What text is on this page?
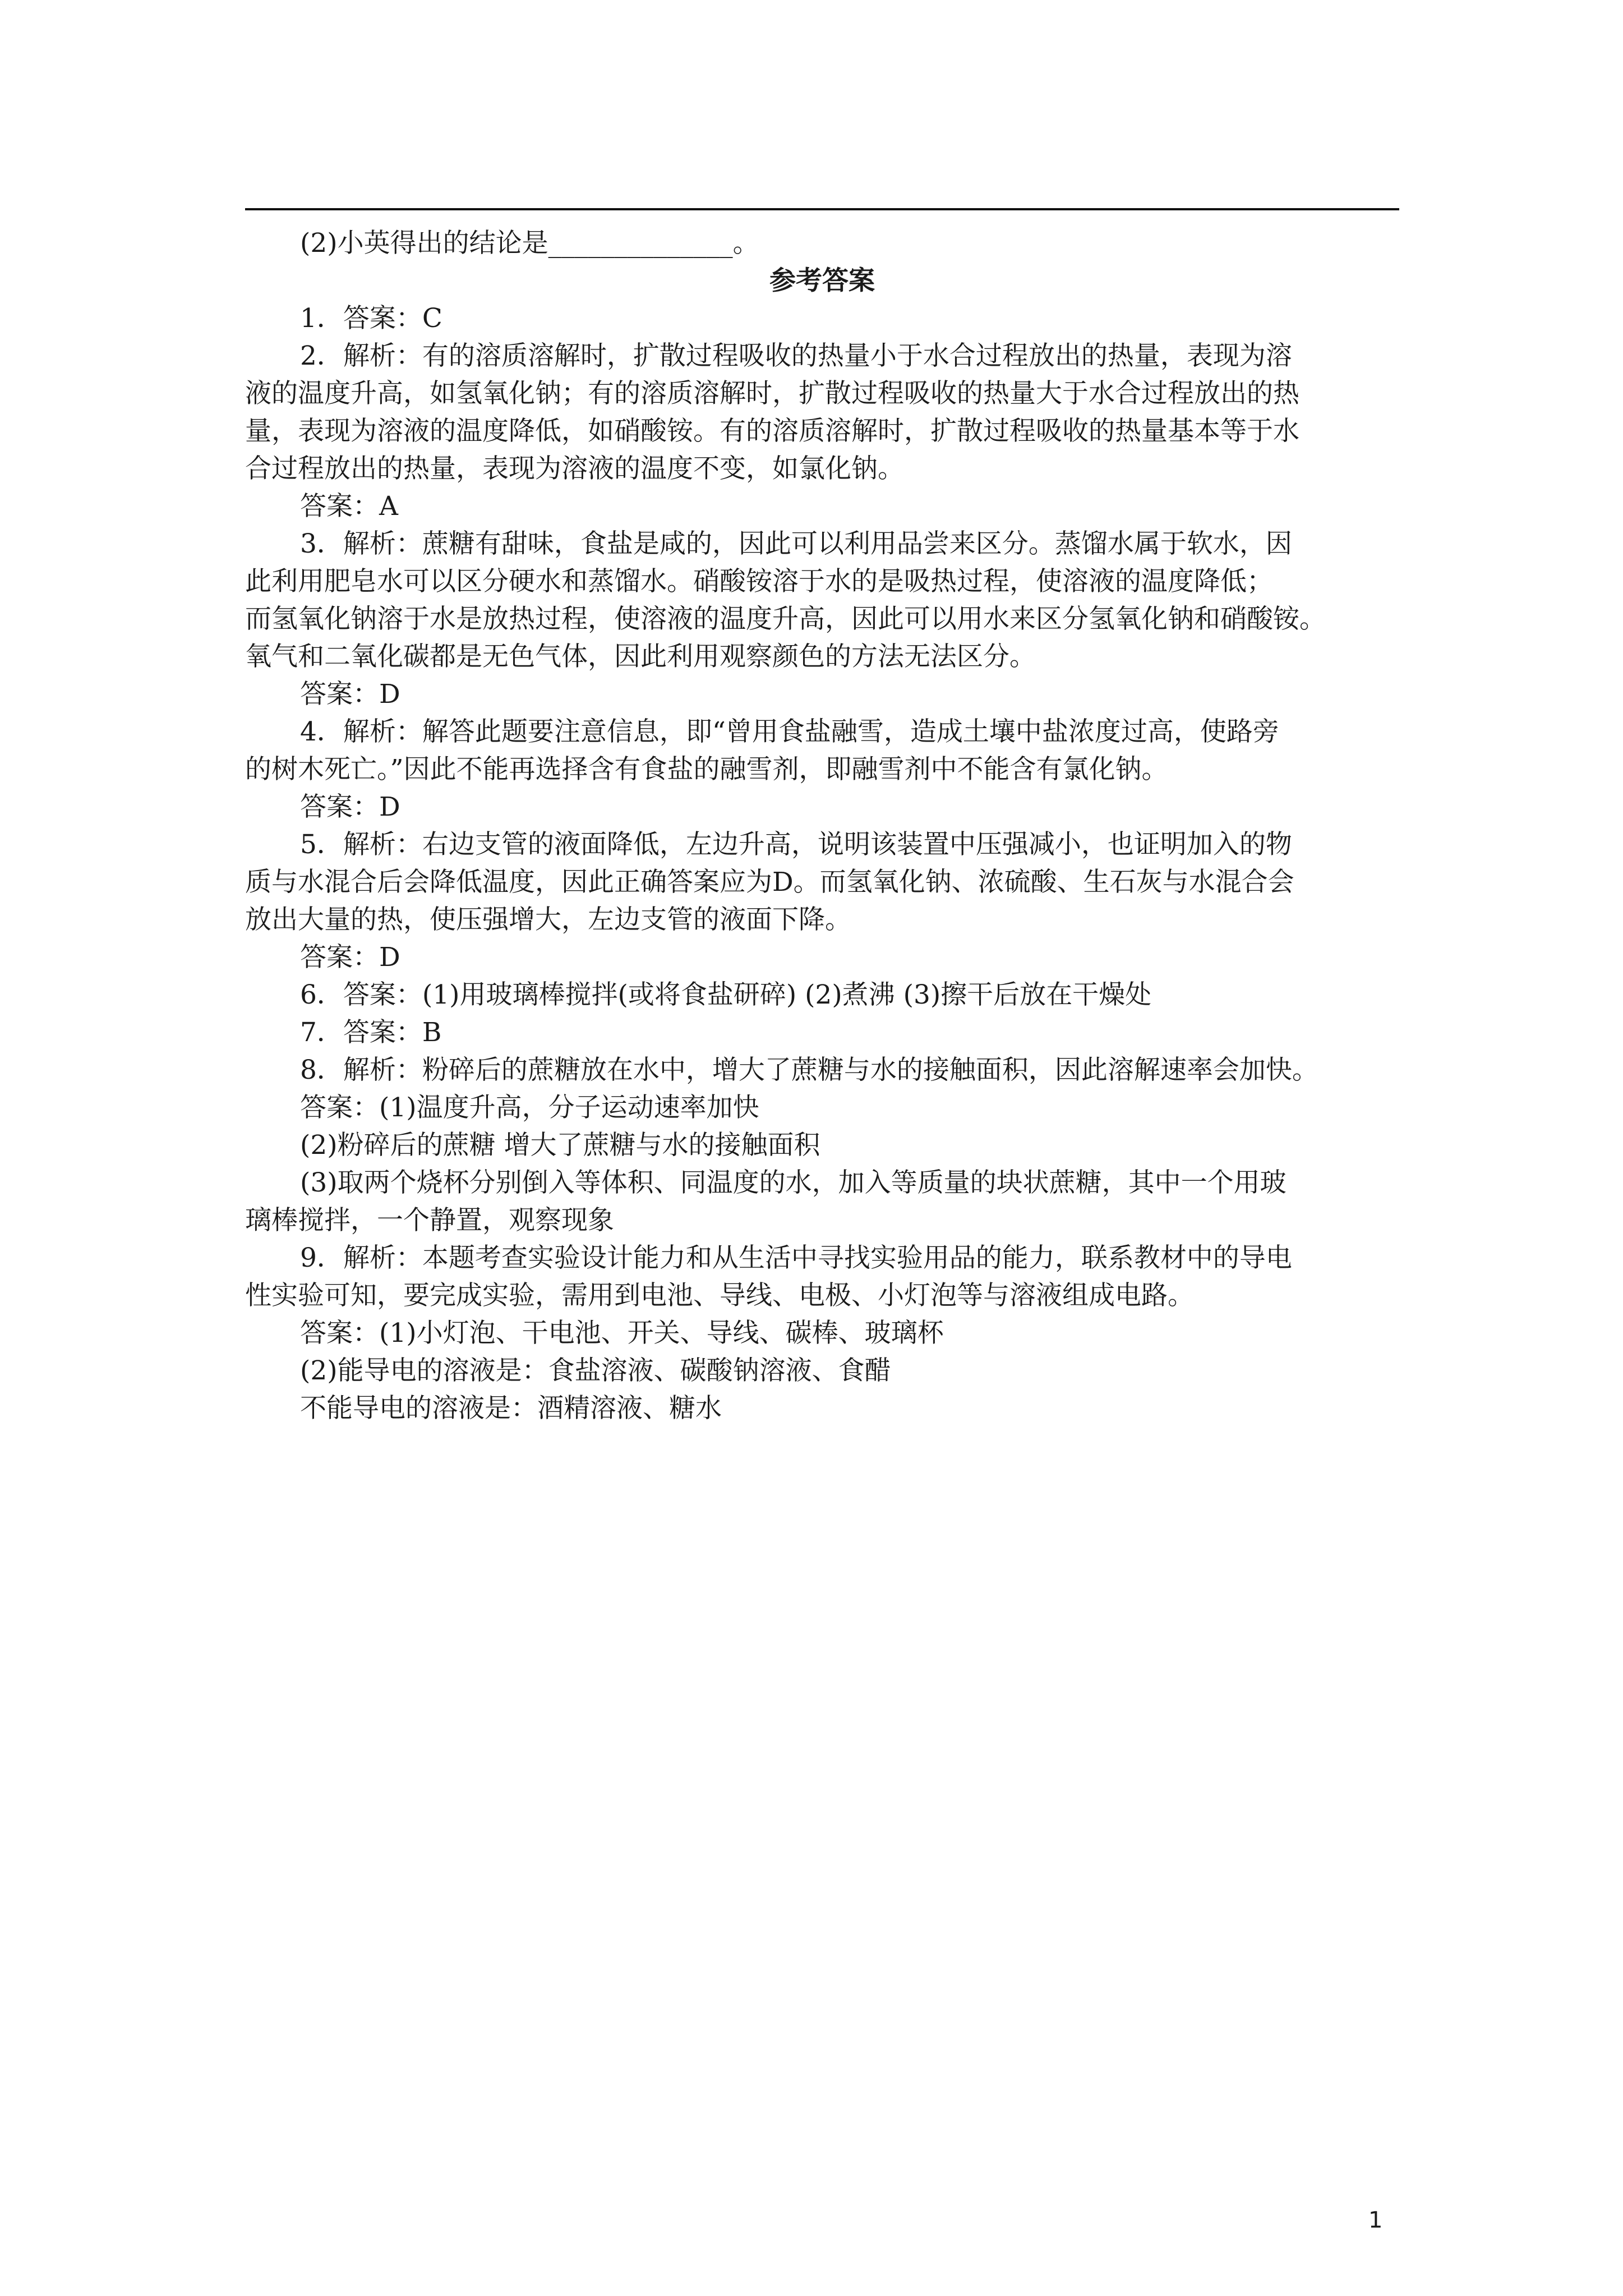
(2)小英得出的结论是______________。
参考答案
1．答案：C
2．解析：有的溶质溶解时，扩散过程吸收的热量小于水合过程放出的热量，表现为溶
液的温度升高，如氢氧化钠；有的溶质溶解时，扩散过程吸收的热量大于水合过程放出的热
量，表现为溶液的温度降低，如硝酸铵。有的溶质溶解时，扩散过程吸收的热量基本等于水
合过程放出的热量，表现为溶液的温度不变，如氯化钠。
答案：A
3．解析：蔗糖有甜味，食盐是咸的，因此可以利用品尝来区分。蒸馏水属于软水，因
此利用肥皂水可以区分硬水和蒸馏水。硝酸铵溶于水的是吸热过程，使溶液的温度降低；
而氢氧化钠溶于水是放热过程，使溶液的温度升高，因此可以用水来区分氢氧化钠和硝酸铵。
氧气和二氧化碳都是无色气体，因此利用观察颜色的方法无法区分。
答案：D
4．解析：解答此题要注意信息，即“曾用食盐融雪，造成土壤中盐浓度过高，使路旁
的树木死亡。”因此不能再选择含有食盐的融雪剂，即融雪剂中不能含有氯化钠。
答案：D
5．解析：右边支管的液面降低，左边升高，说明该装置中压强减小，也证明加入的物
质与水混合后会降低温度，因此正确答案应为D。而氢氧化钠、浓硫酸、生石灰与水混合会
放出大量的热，使压强增大，左边支管的液面下降。
答案：D
6．答案：(1)用玻璃棒搅拌(或将食盐研碎) (2)煮沸 (3)擦干后放在干燥处
7．答案：B
8．解析：粉碎后的蔗糖放在水中，增大了蔗糖与水的接触面积，因此溶解速率会加快。
答案：(1)温度升高，分子运动速率加快
(2)粉碎后的蔗糖 增大了蔗糖与水的接触面积
(3)取两个烧杯分别倒入等体积、同温度的水，加入等质量的块状蔗糖，其中一个用玻
璃棒搅拌，一个静置，观察现象
9．解析：本题考查实验设计能力和从生活中寻找实验用品的能力，联系教材中的导电
性实验可知，要完成实验，需用到电池、导线、电极、小灯泡等与溶液组成电路。
答案：(1)小灯泡、干电池、开关、导线、碳棒、玻璃杯
(2)能导电的溶液是：食盐溶液、碳酸钠溶液、食醋
不能导电的溶液是：酒精溶液、糖水
1
